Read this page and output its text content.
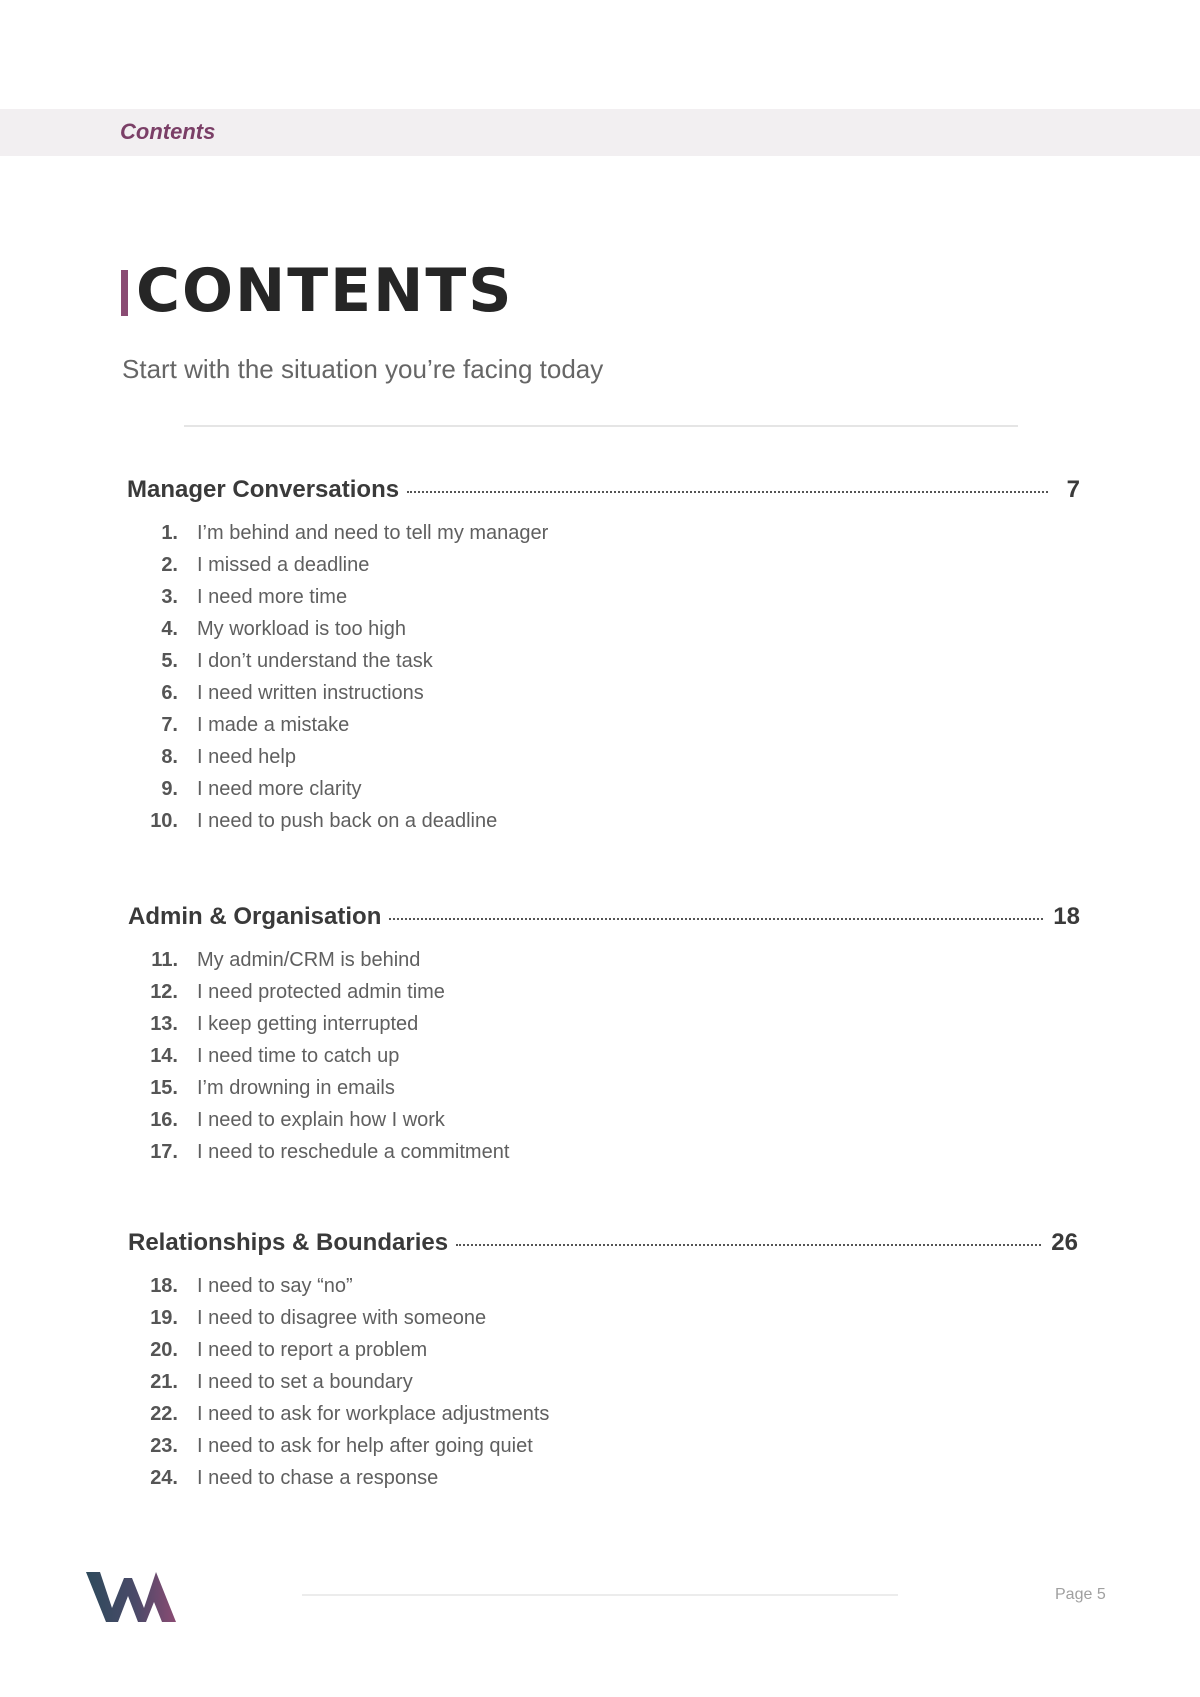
Contents
CONTENTS
Start with the situation you’re facing today
Manager Conversations	7
1. I’m behind and need to tell my manager
2. I missed a deadline
3. I need more time
4. My workload is too high
5. I don’t understand the task
6. I need written instructions
7. I made a mistake
8. I need help
9. I need more clarity
10. I need to push back on a deadline
Admin & Organisation	18
11. My admin/CRM is behind
12. I need protected admin time
13. I keep getting interrupted
14. I need time to catch up
15. I’m drowning in emails
16. I need to explain how I work
17. I need to reschedule a commitment
Relationships & Boundaries	26
18. I need to say “no”
19. I need to disagree with someone
20. I need to report a problem
21. I need to set a boundary
22. I need to ask for workplace adjustments
23. I need to ask for help after going quiet
24. I need to chase a response
Page 5
